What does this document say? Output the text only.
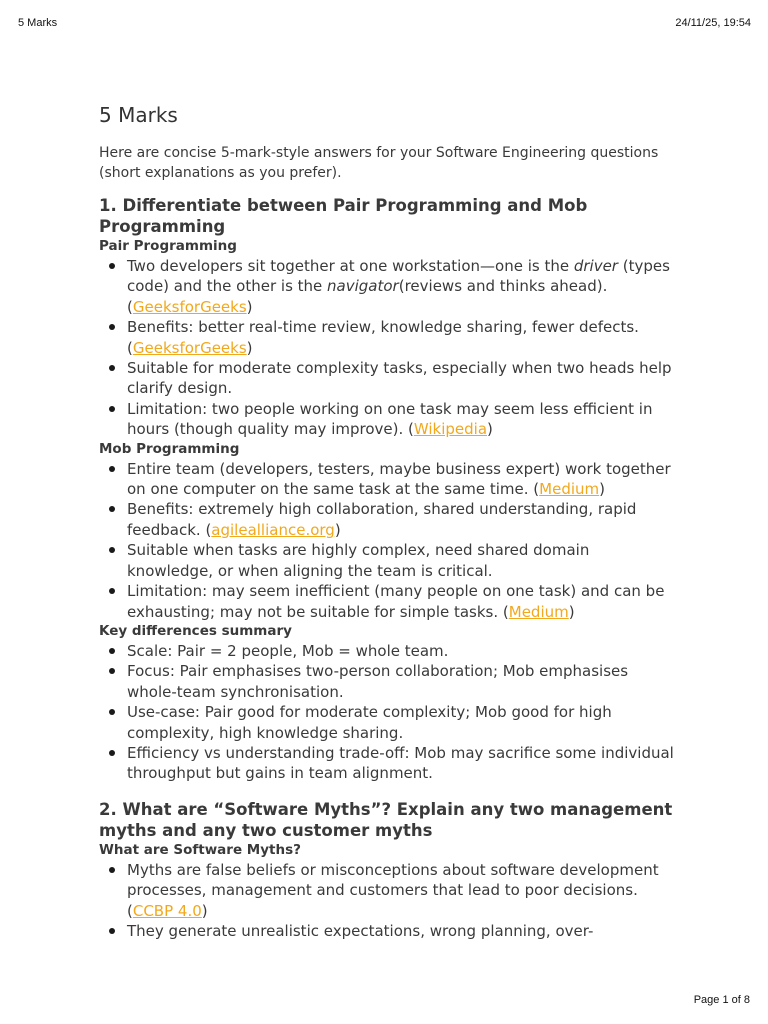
5 Marks	24/11/25, 19:54
5 Marks

Here are concise 5-mark-style answers for your Software Engineering questions (short explanations as you prefer).

1. Differentiate between Pair Programming and Mob Programming
Pair Programming
Two developers sit together at one workstation—one is the driver (types code) and the other is the navigator(reviews and thinks ahead). (GeeksforGeeks)
Benefits: better real-time review, knowledge sharing, fewer defects. (GeeksforGeeks)
Suitable for moderate complexity tasks, especially when two heads help clarify design.
Limitation: two people working on one task may seem less efficient in hours (though quality may improve). (Wikipedia)
Mob Programming
Entire team (developers, testers, maybe business expert) work together on one computer on the same task at the same time. (Medium)
Benefits: extremely high collaboration, shared understanding, rapid feedback. (agilealliance.org)
Suitable when tasks are highly complex, need shared domain knowledge, or when aligning the team is critical.
Limitation: may seem inefficient (many people on one task) and can be exhausting; may not be suitable for simple tasks. (Medium)
Key differences summary
Scale: Pair = 2 people, Mob = whole team.
Focus: Pair emphasises two-person collaboration; Mob emphasises whole-team synchronisation.
Use-case: Pair good for moderate complexity; Mob good for high complexity, high knowledge sharing.
Efficiency vs understanding trade-off: Mob may sacrifice some individual throughput but gains in team alignment.
2. What are “Software Myths”? Explain any two management myths and any two customer myths
What are Software Myths?
Myths are false beliefs or misconceptions about software development processes, management and customers that lead to poor decisions. (CCBP 4.0)
They generate unrealistic expectations, wrong planning, over-
Page 1 of 8
